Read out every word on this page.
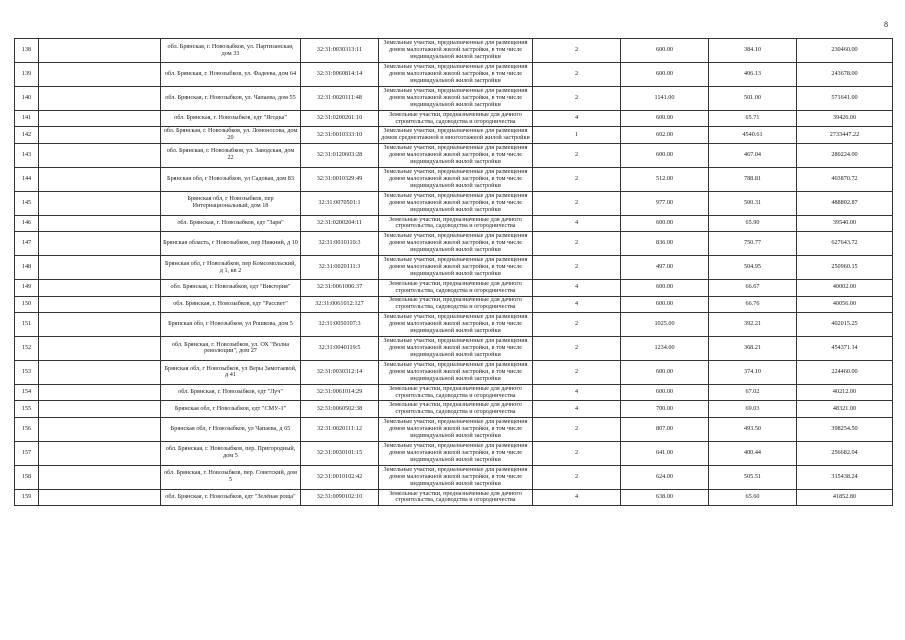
8
138		обл. Брянская, г. Новозыбков, ул. Партизанская, дом 33	32:31:0030313:11	Земельные участки, предназначенные для размещения домов малоэтажной жилой застройки, в том числе индивидуальной жилой застройки	2	600.00	384.10	230460.00
139		обл. Брянская, г. Новозыбков, ул. Фадеева, дом 64	32:31:0060814:14	Земельные участки, предназначенные для размещения домов малоэтажной жилой застройки, в том числе индивидуальной жилой застройки	2	600.00	406.13	243678.00
140		обл. Брянская, г. Новозыбков, ул. Чапаева, дом 55	32:31:0020111:48	Земельные участки, предназначенные для размещения домов малоэтажной жилой застройки, в том числе индивидуальной жилой застройки	2	1141.00	501.00	571641.00
141		обл. Брянская, г. Новозыбков, едт "Ягодка"	32:31:0200201:10	Земельные участки, предназначенные для дачного строительства, садоводства и огородничества	4	600.00	65.71	39426.00
142		обл. Брянская, г. Новозыбков, ул. Ломоносова, дом 20	32:31:0010333:10	Земельные участки, предназначенные для размещения домов среднеэтажной и многоэтажной жилой застройки	1	602.00	4540.61	2733447.22
143		обл. Брянская, г. Новозыбков, ул. Заводская, дом 22	32:31:0120603:28	Земельные участки, предназначенные для размещения домов малоэтажной жилой застройки, в том числе индивидуальной жилой застройки	2	600.00	467.04	280224.00
144		Брянская обл, г Новозыбков, ул Садовая, дом 83	32:31:0010329:49	Земельные участки, предназначенные для размещения домов малоэтажной жилой застройки, в том числе индивидуальной жилой застройки	2	512.00	788.81	403870.72
145		Брянская обл, г Новозыбков, пер Интернациональный, дом 18	32:31:0070501:1	Земельные участки, предназначенные для размещения домов малоэтажной жилой застройки, в том числе индивидуальной жилой застройки	2	977.00	500.31	488802.87
146		обл. Брянская, г. Новозыбков, едт "Заря"	32:31:0200204:11	Земельные участки, предназначенные для дачного строительства, садоводства и огородничества	4	600.00	65.90	39540.00
147		Брянская область, г Новозыбков, пер Нижний, д 10	32:31:0010110:3	Земельные участки, предназначенные для размещения домов малоэтажной жилой застройки, в том числе индивидуальной жилой застройки	2	836.00	750.77	627643.72
148		Брянская обл, г Новозыбков, пер Комсомольский, д 1, кв 2	32:31:0020111:3	Земельные участки, предназначенные для размещения домов малоэтажной жилой застройки, в том числе индивидуальной жилой застройки	2	497.00	504.95	250960.15
149		обл. Брянская, г. Новозыбков, едт "Виктория"	32:31:0061006:37	Земельные участки, предназначенные для дачного строительства, садоводства и огородничества	4	600.00	66.67	40002.00
150		обл. Брянская, г. Новозыбков, едт "Рассвет"	32:31:0061012:127	Земельные участки, предназначенные для дачного строительства, садоводства и огородничества	4	600.00	66.76	40056.00
151		Брянская обл, г Новозыбков, ул Рошкова, дом 5	32:31:0050107:3	Земельные участки, предназначенные для размещения домов малоэтажной жилой застройки, в том числе индивидуальной жилой застройки	2	1025.00	392.21	402015.25
152		обл. Брянская, г. Новозыбков, ул. ОХ "Волна революции", дом 27	32:31:0040119:5	Земельные участки, предназначенные для размещения домов малоэтажной жилой застройки, в том числе индивидуальной жилой застройки	2	1234.00	368.21	454371.14
153		Брянская обл, г Новозыбков, ул Веры Замотаевой, д 41	32:31:0030312:14	Земельные участки, предназначенные для размещения домов малоэтажной жилой застройки, в том числе индивидуальной жилой застройки	2	600.00	374.10	224460.00
154		обл. Брянская, г. Новозыбков, едт "Луч"	32:31:0061014:29	Земельные участки, предназначенные для дачного строительства, садоводства и огородничества	4	600.00	67.02	40212.00
155		Брянская обл, г Новозыбков, едт "СМУ-1"	32:31:0060502:38	Земельные участки, предназначенные для дачного строительства, садоводства и огородничества	4	700.00	69.03	48321.00
156		Брянская обл, г Новозыбков, ул Чапаева, д 65	32:31:0020111:12	Земельные участки, предназначенные для размещения домов малоэтажной жилой застройки, в том числе индивидуальной жилой застройки	2	807.00	493.50	398254.50
157		обл. Брянская, г. Новозыбков, пер. Пригородный, дом 5	32:31:0030101:15	Земельные участки, предназначенные для размещения домов малоэтажной жилой застройки, в том числе индивидуальной жилой застройки	2	641.00	400.44	256682.04
158		обл. Брянская, г. Новозыбков, пер. Советский, дом 5	32:31:0010102:42	Земельные участки, предназначенные для размещения домов малоэтажной жилой застройки, в том числе индивидуальной жилой застройки	2	624.00	505.51	315438.24
159		обл. Брянская, г. Новозыбков, едт "Зелёная роща"	32:31:0090102:10	Земельные участки, предназначенные для дачного строительства, садоводства и огородничества	4	638.00	65.60	41852.80
